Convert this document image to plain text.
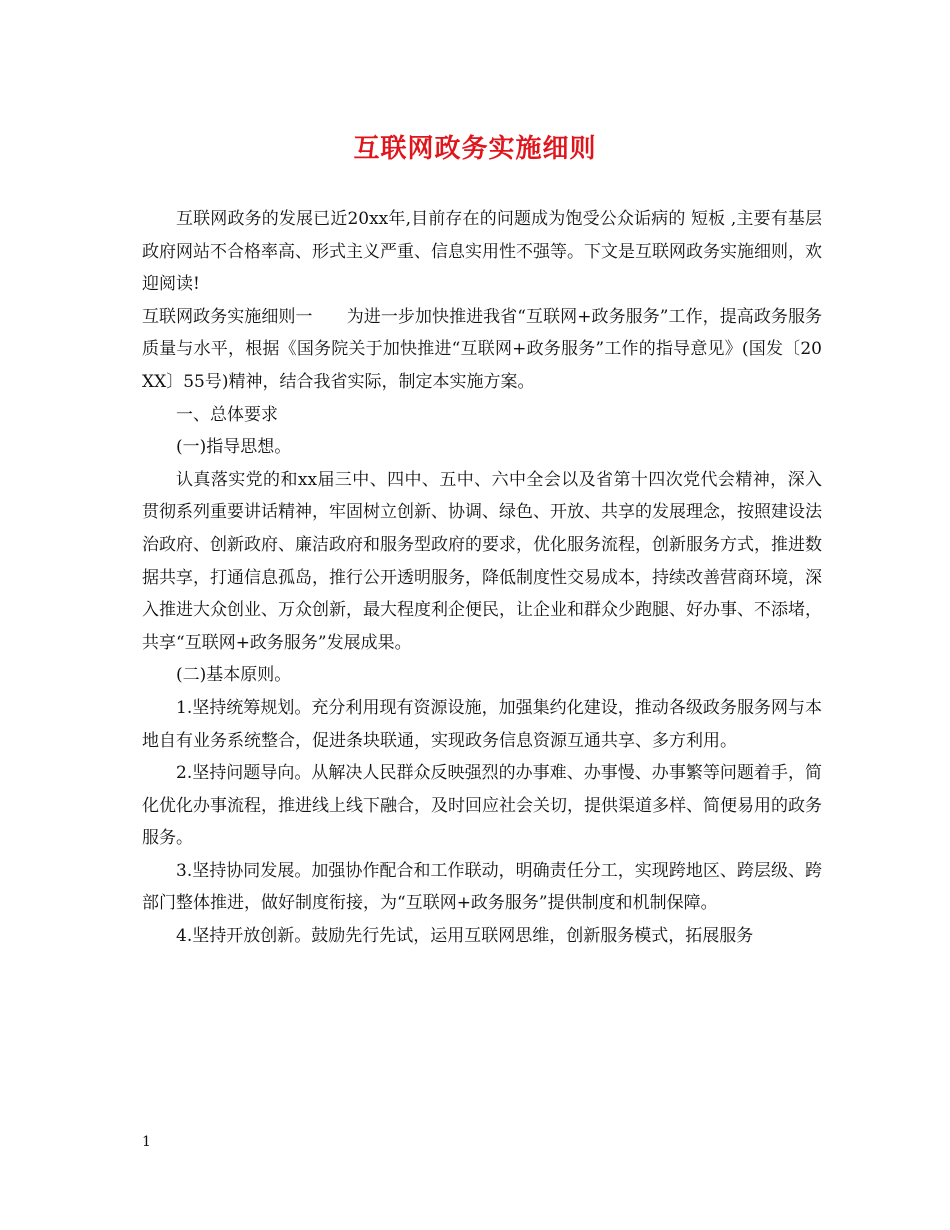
互联网政务实施细则

互联网政务的发展已近20xx年,目前存在的问题成为饱受公众诟病的 短板 ,主要有基层政府网站不合格率高、形式主义严重、信息实用性不强等。下文是互联网政务实施细则，欢迎阅读!

互联网政务实施细则一　　为进一步加快推进我省“互联网+政务服务”工作，提高政务服务质量与水平，根据《国务院关于加快推进“互联网+政务服务”工作的指导意见》(国发〔20XX〕55号)精神，结合我省实际，制定本实施方案。

一、总体要求

(一)指导思想。

认真落实党的和xx届三中、四中、五中、六中全会以及省第十四次党代会精神，深入贯彻系列重要讲话精神，牢固树立创新、协调、绿色、开放、共享的发展理念，按照建设法治政府、创新政府、廉洁政府和服务型政府的要求，优化服务流程，创新服务方式，推进数据共享，打通信息孤岛，推行公开透明服务，降低制度性交易成本，持续改善营商环境，深入推进大众创业、万众创新，最大程度利企便民，让企业和群众少跑腿、好办事、不添堵，共享“互联网+政务服务”发展成果。

(二)基本原则。

1.坚持统筹规划。充分利用现有资源设施，加强集约化建设，推动各级政务服务网与本地自有业务系统整合，促进条块联通，实现政务信息资源互通共享、多方利用。

2.坚持问题导向。从解决人民群众反映强烈的办事难、办事慢、办事繁等问题着手，简化优化办事流程，推进线上线下融合，及时回应社会关切，提供渠道多样、简便易用的政务服务。

3.坚持协同发展。加强协作配合和工作联动，明确责任分工，实现跨地区、跨层级、跨部门整体推进，做好制度衔接，为“互联网+政务服务”提供制度和机制保障。

4.坚持开放创新。鼓励先行先试，运用互联网思维，创新服务模式，拓展服务

1
